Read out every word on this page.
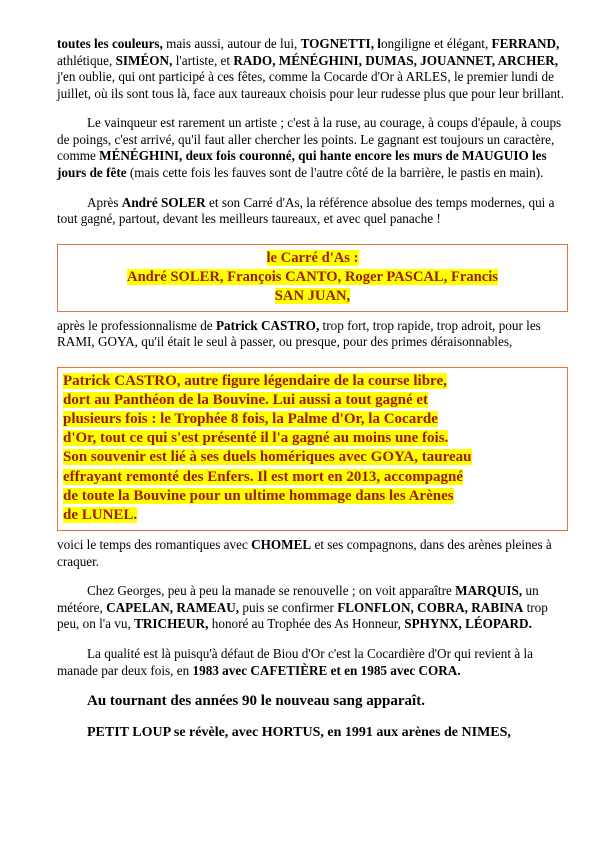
toutes les couleurs, mais aussi, autour de lui, TOGNETTI, longiligne et élégant, FERRAND, athlétique, SIMÉON, l'artiste, et RADO, MÉNÉGHINI, DUMAS, JOUANNET, ARCHER, j'en oublie, qui ont participé à ces fêtes, comme la Cocarde d'Or à ARLES, le premier lundi de juillet, où ils sont tous là, face aux taureaux choisis pour leur rudesse plus que pour leur brillant.

Le vainqueur est rarement un artiste ; c'est à la ruse, au courage, à coups d'épaule, à coups de poings, c'est arrivé, qu'il faut aller chercher les points. Le gagnant est toujours un caractère, comme MÉNÉGHINI, deux fois couronné, qui hante encore les murs de MAUGUIO les jours de fête (mais cette fois les fauves sont de l'autre côté de la barrière, le pastis en main).

Après André SOLER et son Carré d'As, la référence absolue des temps modernes, qui a tout gagné, partout, devant les meilleurs taureaux, et avec quel panache !

le Carré d'As :
André SOLER, François CANTO, Roger PASCAL, Francis
SAN JUAN,

après le professionnalisme de Patrick CASTRO, trop fort, trop rapide, trop adroit, pour les RAMI, GOYA, qu'il était le seul à passer, ou presque, pour des primes déraisonnables,

Patrick CASTRO, autre figure légendaire de la course libre,
dort au Panthéon de la Bouvine. Lui aussi a tout gagné et
plusieurs fois : le Trophée 8 fois, la Palme d'Or, la Cocarde
d'Or, tout ce qui s'est présenté il l'a gagné au moins une fois.
Son souvenir est lié à ses duels homériques avec GOYA, taureau
effrayant remonté des Enfers. Il est mort en 2013, accompagné
de toute la Bouvine pour un ultime hommage dans les Arènes
de LUNEL.

voici le temps des romantiques avec CHOMEL et ses compagnons, dans des arènes pleines à craquer.

Chez Georges, peu à peu la manade se renouvelle ; on voit apparaître MARQUIS, un météore, CAPELAN, RAMEAU, puis se confirmer FLONFLON, COBRA, RABINA trop peu, on l'a vu, TRICHEUR, honoré au Trophée des As Honneur, SPHYNX, LÉOPARD.

La qualité est là puisqu'à défaut de Biou d'Or c'est la Cocardière d'Or qui revient à la manade par deux fois, en 1983 avec CAFETIÈRE et en 1985 avec CORA.

Au tournant des années 90 le nouveau sang apparaît.

PETIT LOUP se révèle, avec HORTUS, en 1991 aux arènes de NIMES,
